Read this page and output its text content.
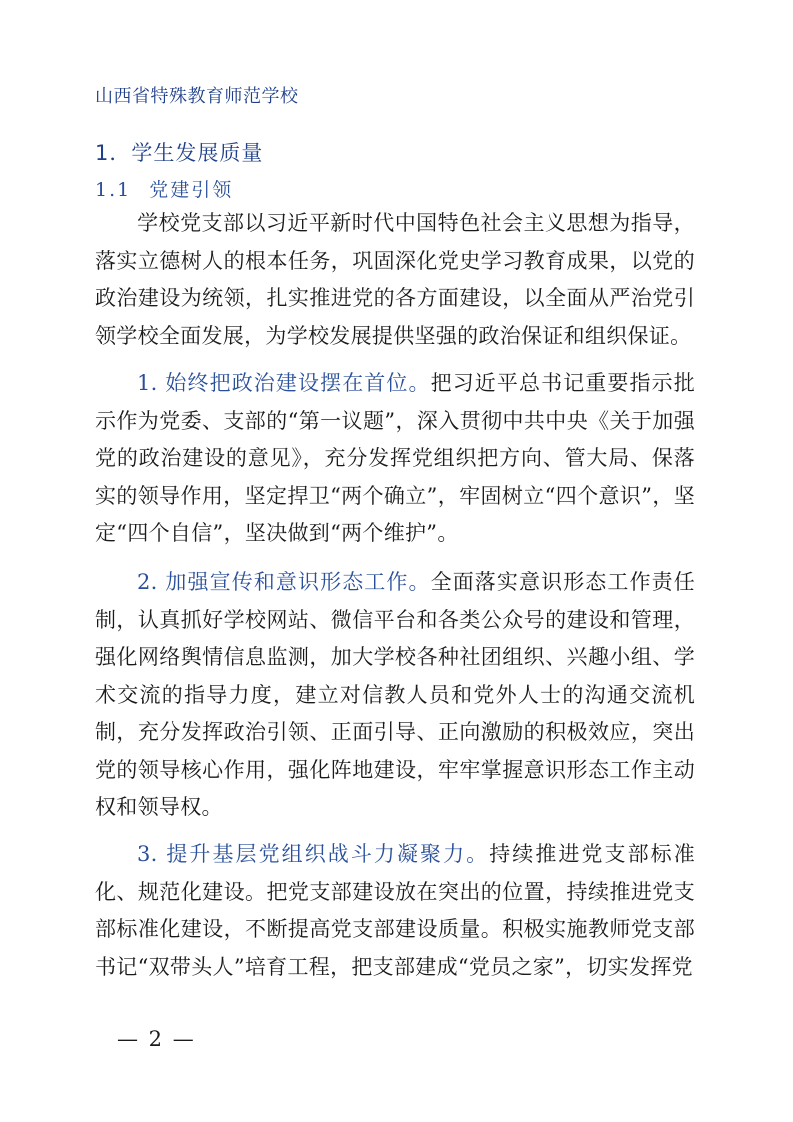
山西省特殊教育师范学校
1．学生发展质量
1.1 党建引领
学校党支部以习近平新时代中国特色社会主义思想为指导，落实立德树人的根本任务，巩固深化党史学习教育成果，以党的政治建设为统领，扎实推进党的各方面建设，以全面从严治党引领学校全面发展，为学校发展提供坚强的政治保证和组织保证。
1. 始终把政治建设摆在首位。把习近平总书记重要指示批示作为党委、支部的“第一议题”，深入贯彻中共中央《关于加强党的政治建设的意见》，充分发挥党组织把方向、管大局、保落实的领导作用，坚定捍卫“两个确立”，牢固树立“四个意识”，坚定“四个自信”，坚决做到“两个维护”。
2. 加强宣传和意识形态工作。全面落实意识形态工作责任制，认真抓好学校网站、微信平台和各类公众号的建设和管理，强化网络舆情信息监测，加大学校各种社团组织、兴趣小组、学术交流的指导力度，建立对信教人员和党外人士的沟通交流机制，充分发挥政治引领、正面引导、正向激励的积极效应，突出党的领导核心作用，强化阵地建设，牢牢掌握意识形态工作主动权和领导权。
3. 提升基层党组织战斗力凝聚力。持续推进党支部标准化、规范化建设。把党支部建设放在突出的位置，持续推进党支部标准化建设，不断提高党支部建设质量。积极实施教师党支部书记“双带头人”培育工程，把支部建成“党员之家”，切实发挥党
— 2 —
